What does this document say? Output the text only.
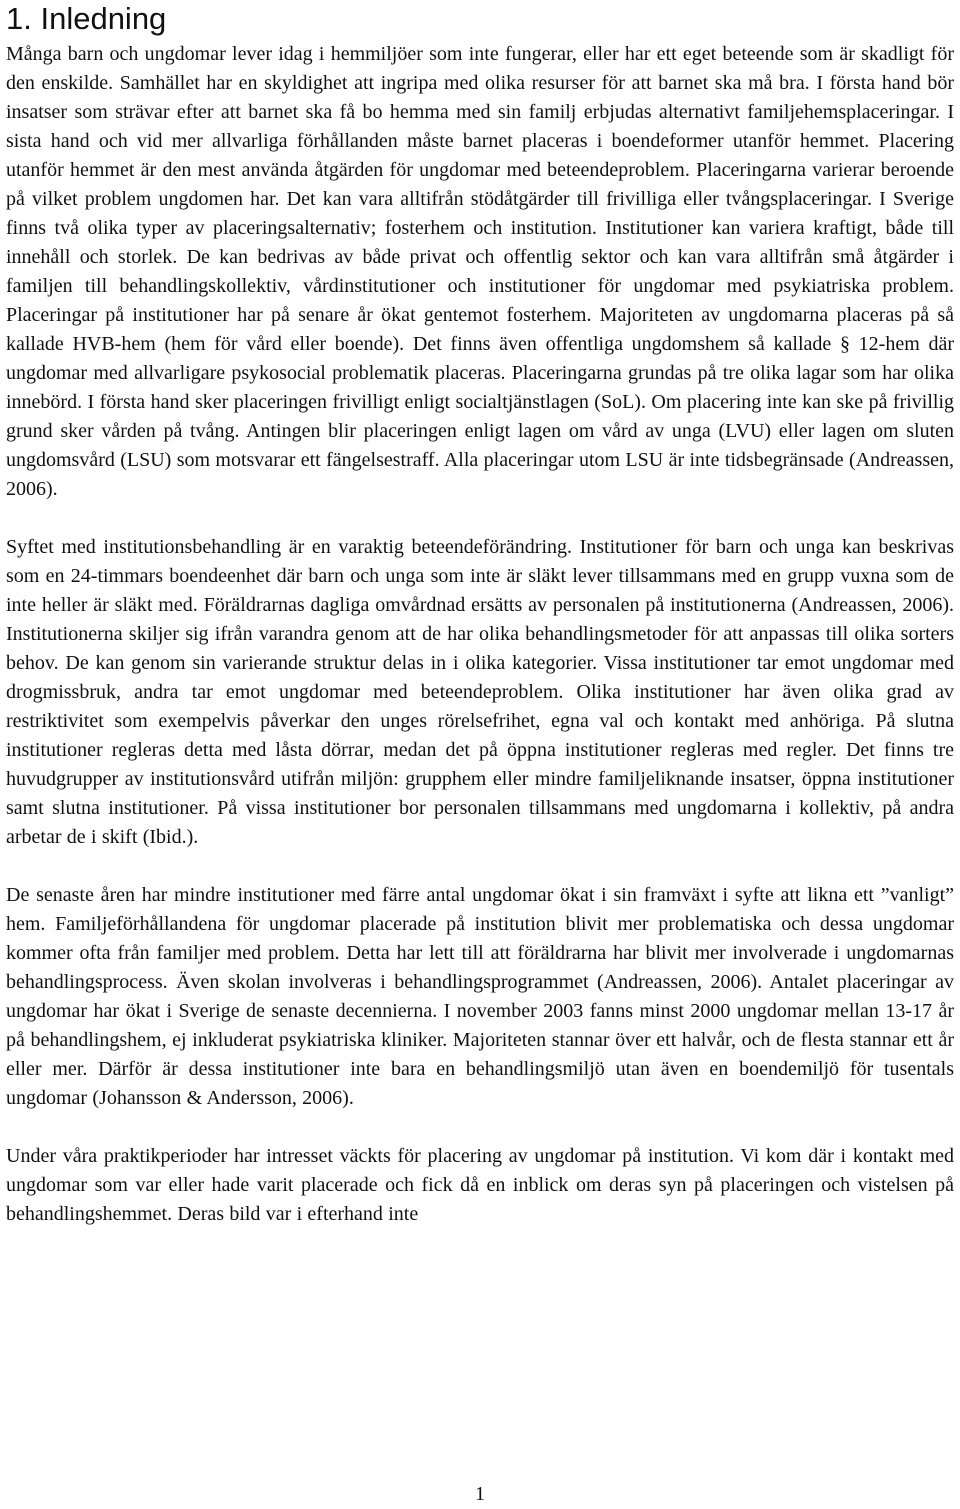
1. Inledning

Många barn och ungdomar lever idag i hemmiljöer som inte fungerar, eller har ett eget beteende som är skadligt för den enskilde. Samhället har en skyldighet att ingripa med olika resurser för att barnet ska må bra. I första hand bör insatser som strävar efter att barnet ska få bo hemma med sin familj erbjudas alternativt familjehemsplaceringar. I sista hand och vid mer allvarliga förhållanden måste barnet placeras i boendeformer utanför hemmet. Placering utanför hemmet är den mest använda åtgärden för ungdomar med beteendeproblem. Placeringarna varierar beroende på vilket problem ungdomen har. Det kan vara alltifrån stödåtgärder till frivilliga eller tvångsplaceringar. I Sverige finns två olika typer av placeringsalternativ; fosterhem och institution. Institutioner kan variera kraftigt, både till innehåll och storlek. De kan bedrivas av både privat och offentlig sektor och kan vara alltifrån små åtgärder i familjen till behandlingskollektiv, vårdinstitutioner och institutioner för ungdomar med psykiatriska problem. Placeringar på institutioner har på senare år ökat gentemot fosterhem. Majoriteten av ungdomarna placeras på så kallade HVB-hem (hem för vård eller boende). Det finns även offentliga ungdomshem så kallade § 12-hem där ungdomar med allvarligare psykosocial problematik placeras. Placeringarna grundas på tre olika lagar som har olika innebörd. I första hand sker placeringen frivilligt enligt socialtjänstlagen (SoL). Om placering inte kan ske på frivillig grund sker vården på tvång. Antingen blir placeringen enligt lagen om vård av unga (LVU) eller lagen om sluten ungdomsvård (LSU) som motsvarar ett fängelsestraff. Alla placeringar utom LSU är inte tidsbegränsade (Andreassen, 2006).

Syftet med institutionsbehandling är en varaktig beteendeförändring. Institutioner för barn och unga kan beskrivas som en 24-timmars boendeenhet där barn och unga som inte är släkt lever tillsammans med en grupp vuxna som de inte heller är släkt med. Föräldrarnas dagliga omvårdnad ersätts av personalen på institutionerna (Andreassen, 2006). Institutionerna skiljer sig ifrån varandra genom att de har olika behandlingsmetoder för att anpassas till olika sorters behov. De kan genom sin varierande struktur delas in i olika kategorier. Vissa institutioner tar emot ungdomar med drogmissbruk, andra tar emot ungdomar med beteendeproblem. Olika institutioner har även olika grad av restriktivitet som exempelvis påverkar den unges rörelsefrihet, egna val och kontakt med anhöriga. På slutna institutioner regleras detta med låsta dörrar, medan det på öppna institutioner regleras med regler. Det finns tre huvudgrupper av institutionsvård utifrån miljön: grupphem eller mindre familjeliknande insatser, öppna institutioner samt slutna institutioner. På vissa institutioner bor personalen tillsammans med ungdomarna i kollektiv, på andra arbetar de i skift (Ibid.).

De senaste åren har mindre institutioner med färre antal ungdomar ökat i sin framväxt i syfte att likna ett ”vanligt” hem. Familjeförhållandena för ungdomar placerade på institution blivit mer problematiska och dessa ungdomar kommer ofta från familjer med problem. Detta har lett till att föräldrarna har blivit mer involverade i ungdomarnas behandlingsprocess. Även skolan involveras i behandlingsprogrammet (Andreassen, 2006). Antalet placeringar av ungdomar har ökat i Sverige de senaste decennierna. I november 2003 fanns minst 2000 ungdomar mellan 13-17 år på behandlingshem, ej inkluderat psykiatriska kliniker. Majoriteten stannar över ett halvår, och de flesta stannar ett år eller mer. Därför är dessa institutioner inte bara en behandlingsmiljö utan även en boendemiljö för tusentals ungdomar (Johansson & Andersson, 2006).

Under våra praktikperioder har intresset väckts för placering av ungdomar på institution. Vi kom där i kontakt med ungdomar som var eller hade varit placerade och fick då en inblick om deras syn på placeringen och vistelsen på behandlingshemmet. Deras bild var i efterhand inte

1
